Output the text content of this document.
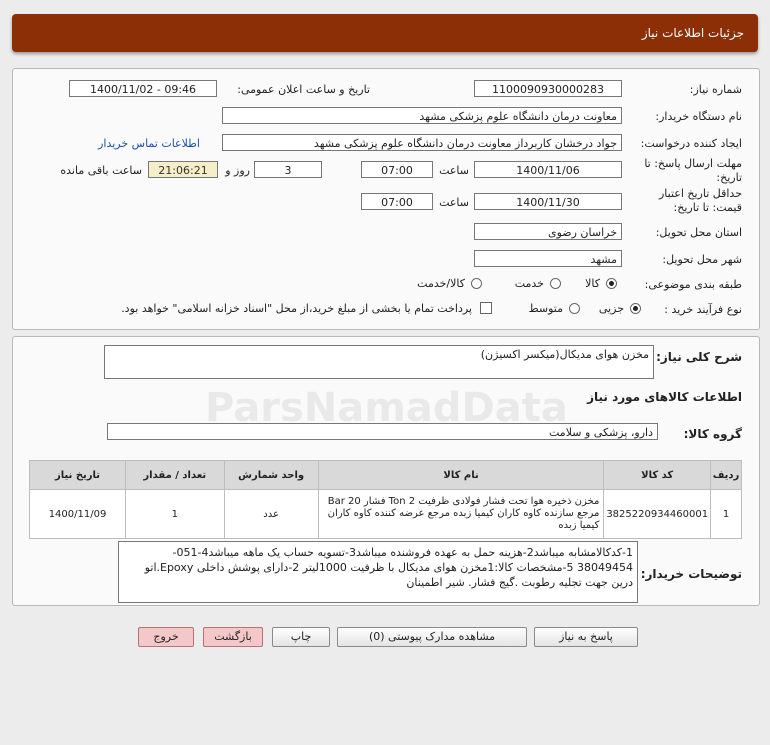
جزئیات اطلاعات نیاز
شماره نیاز:
1100090930000283
تاریخ و ساعت اعلان عمومی:
1400/11/02 - 09:46
نام دستگاه خریدار:
معاونت درمان دانشگاه علوم پزشکی مشهد
ایجاد کننده درخواست:
جواد درخشان کاربرداز معاونت درمان دانشگاه علوم پزشکی مشهد
اطلاعات تماس خریدار
مهلت ارسال پاسخ: تا
تاریخ:
1400/11/06
ساعت
07:00
روز و	3
21:06:21
ساعت باقی مانده
حداقل تاریخ اعتبار
قیمت: تا تاریخ:
1400/11/30
ساعت
07:00
استان محل تحویل:
خراسان رضوی
شهر محل تحویل:
مشهد
طبقه بندی موضوعی:
کالا
خدمت
کالا/خدمت
نوع فرآیند خرید :
جزیی
متوسط
پرداخت تمام یا بخشی از مبلغ خرید،از محل "اسناد خزانه اسلامی" خواهد بود.
شرح کلی نیاز:
مخزن هوای مدیکال(میکسر اکسیژن)
اطلاعات کالاهای مورد نیاز
گروه کالا:
دارو، پزشکی و سلامت
تاریخ نیاز	تعداد / مقدار	واحد شمارش	نام کالا	کد کالا	ردیف
1400/11/09	1	عدد	مخزن ذخیره هوا تحت فشار فولادی ظرفیت 2 Ton فشار 20 Bar مرجع سازنده کاوه کاران کیمیا زبده مرجع عرضه کننده کاوه کاران کیمیا زبده	3825220934460001	1
توضیحات خریدار:
1-کدکالامشابه میباشد2-هزینه حمل به عهده فروشنده میباشد3-تسویه حساب یک ماهه میباشد4-051-38049454 5-مشخصات کالا:1مخزن هوای مدیکال با ظرفیت 1000لیتر 2-دارای پوشش داخلی Epoxy.اتو درین جهت تجلیه رطوبت .گیج فشار. شیر اطمینان
پاسخ به نیاز
مشاهده مدارک پیوستی (0)
چاپ
بازگشت
خروج
